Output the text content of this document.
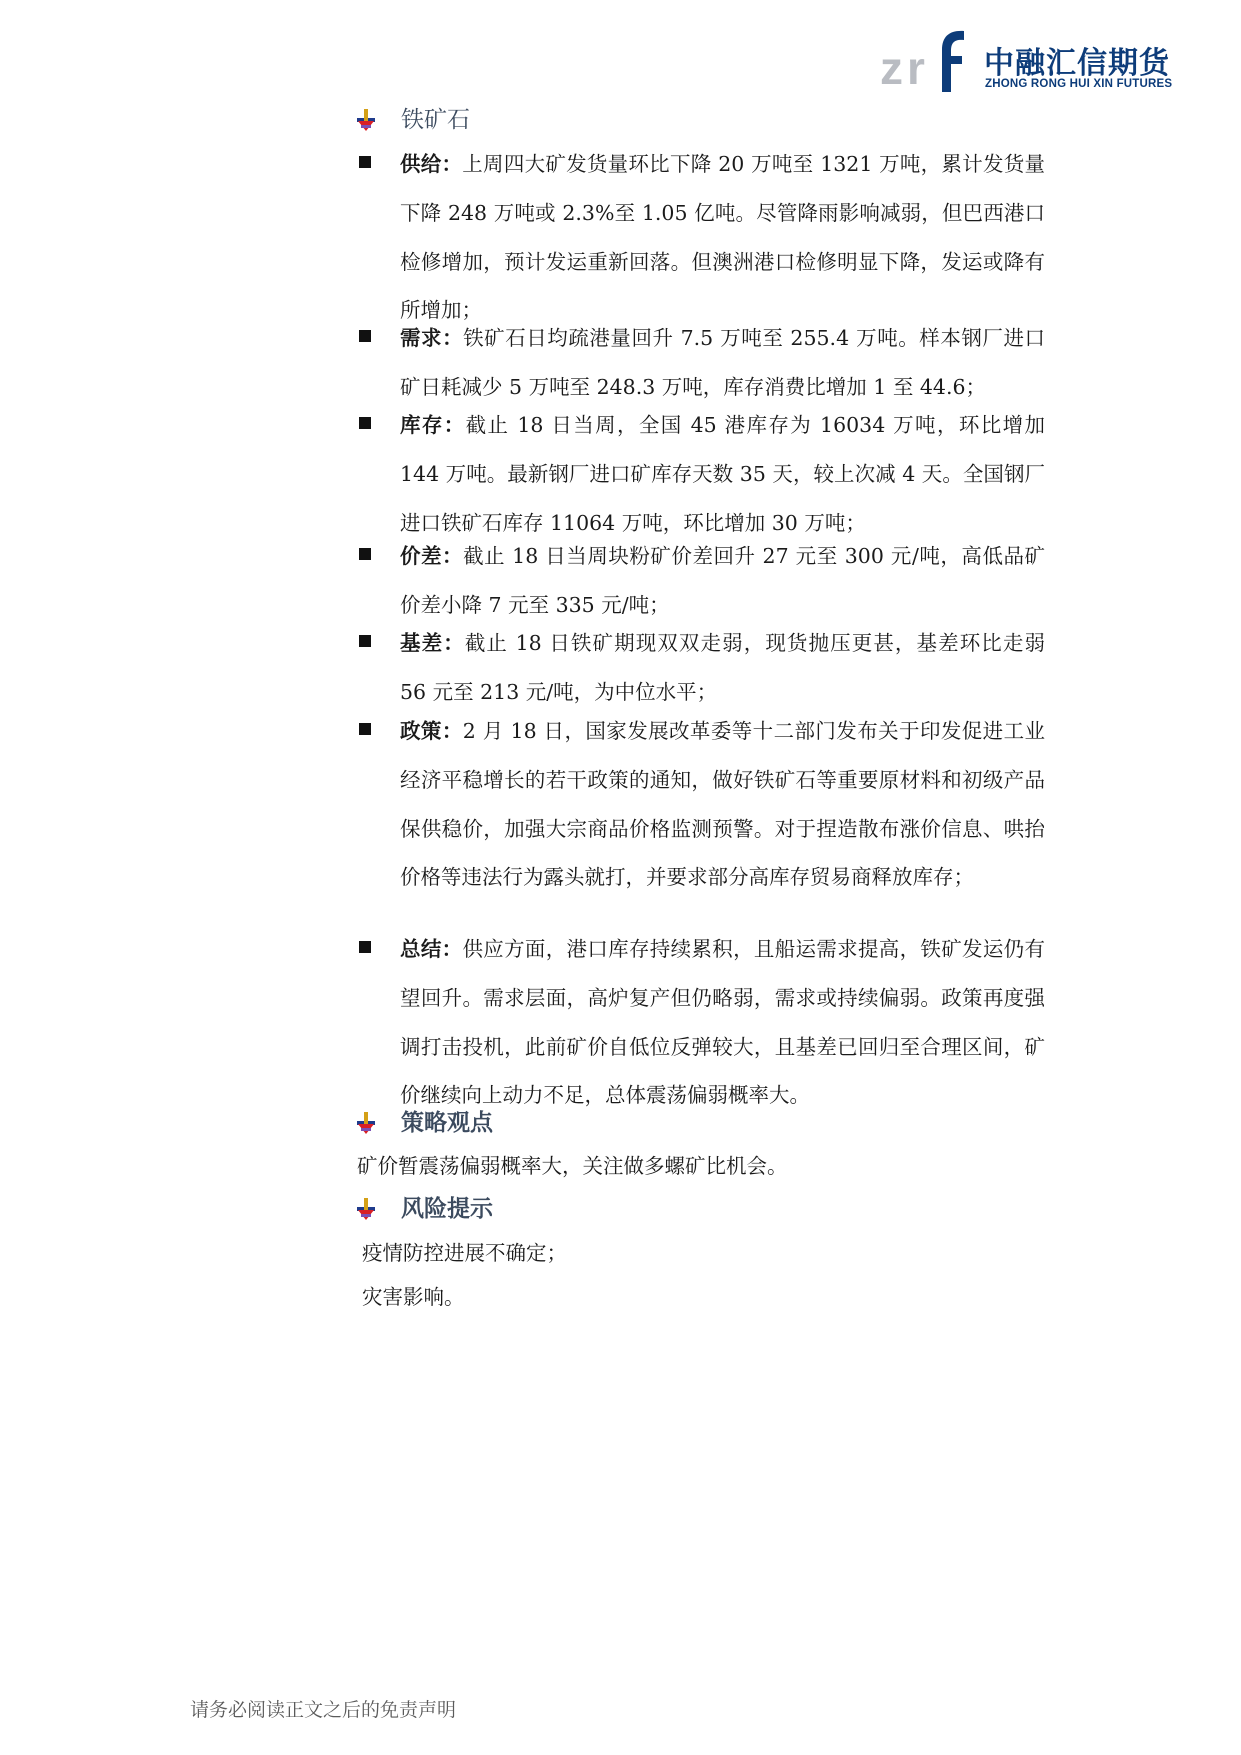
z r 中融汇信期货
ZHONG RONG HUI XIN FUTURES
铁矿石
供给：上周四大矿发货量环比下降 20 万吨至 1321 万吨，累计发货量下降 248 万吨或 2.3%至 1.05 亿吨。尽管降雨影响减弱，但巴西港口检修增加，预计发运重新回落。但澳洲港口检修明显下降，发运或降有所增加；
需求：铁矿石日均疏港量回升 7.5 万吨至 255.4 万吨。样本钢厂进口矿日耗减少 5 万吨至 248.3 万吨，库存消费比增加 1 至 44.6；
库存：截止 18 日当周，全国 45 港库存为 16034 万吨，环比增加 144 万吨。最新钢厂进口矿库存天数 35 天，较上次减 4 天。全国钢厂进口铁矿石库存 11064 万吨，环比增加 30 万吨；
价差：截止 18 日当周块粉矿价差回升 27 元至 300 元/吨，高低品矿价差小降 7 元至 335 元/吨；
基差：截止 18 日铁矿期现双双走弱，现货抛压更甚，基差环比走弱 56 元至 213 元/吨，为中位水平；
政策：2 月 18 日，国家发展改革委等十二部门发布关于印发促进工业经济平稳增长的若干政策的通知，做好铁矿石等重要原材料和初级产品保供稳价，加强大宗商品价格监测预警。对于捏造散布涨价信息、哄抬价格等违法行为露头就打，并要求部分高库存贸易商释放库存；
总结：供应方面，港口库存持续累积，且船运需求提高，铁矿发运仍有望回升。需求层面，高炉复产但仍略弱，需求或持续偏弱。政策再度强调打击投机，此前矿价自低位反弹较大，且基差已回归至合理区间，矿价继续向上动力不足，总体震荡偏弱概率大。
策略观点
矿价暂震荡偏弱概率大，关注做多螺矿比机会。
风险提示
疫情防控进展不确定；
灾害影响。
请务必阅读正文之后的免责声明
